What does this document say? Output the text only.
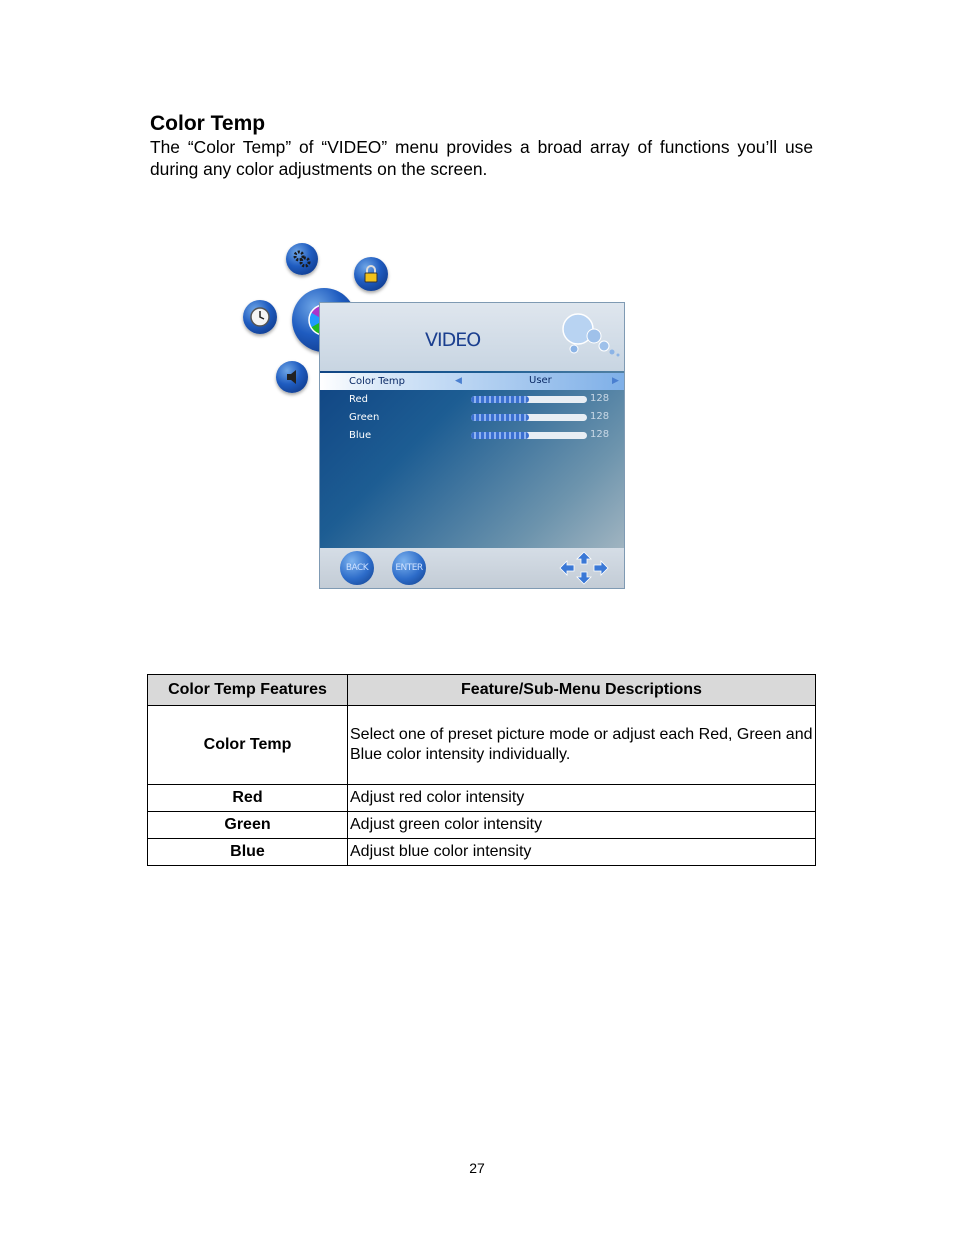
Color Temp

The “Color Temp” of “VIDEO” menu provides a broad array of functions you’ll use during any color adjustments on the screen.

VIDEO
Color Temp	◀	User	▶
Red	128
Green	128
Blue	128
BACK	ENTER
Color Temp Features	Feature/Sub-Menu Descriptions
Color Temp	Select one of preset picture mode or adjust each Red, Green and Blue color intensity individually.
Red	Adjust red color intensity
Green	Adjust green color intensity
Blue	Adjust blue color intensity
27
